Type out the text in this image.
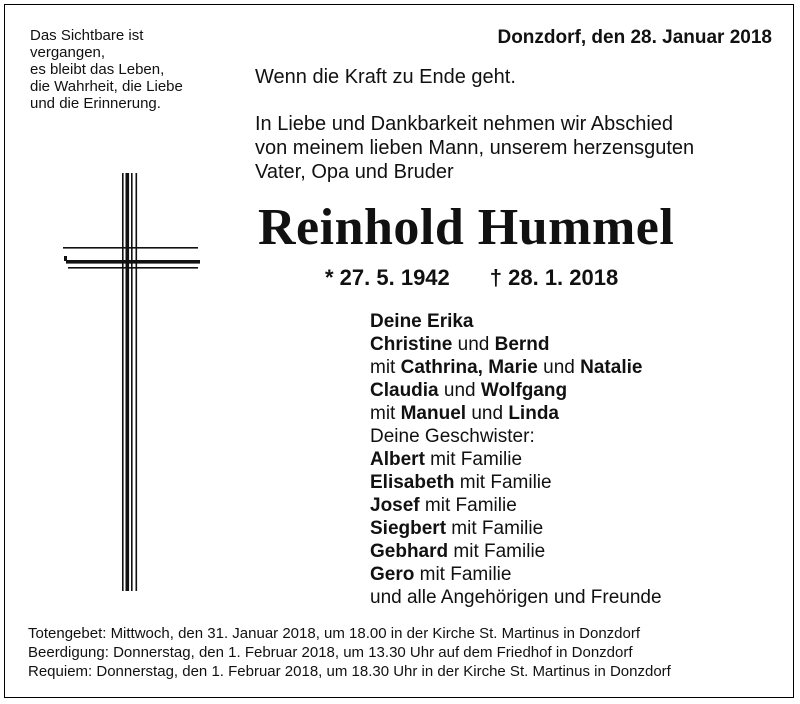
Das Sichtbare ist
vergangen,
es bleibt das Leben,
die Wahrheit, die Liebe
und die Erinnerung.
Donzdorf, den 28. Januar 2018
Wenn die Kraft zu Ende geht.
In Liebe und Dankbarkeit nehmen wir Abschied
von meinem lieben Mann, unserem herzensguten
Vater, Opa und Bruder
Reinhold Hummel
* 27. 5. 1942 † 28. 1. 2018
Deine Erika
Christine und Bernd
mit Cathrina, Marie und Natalie
Claudia und Wolfgang
mit Manuel und Linda
Deine Geschwister:
Albert mit Familie
Elisabeth mit Familie
Josef mit Familie
Siegbert mit Familie
Gebhard mit Familie
Gero mit Familie
und alle Angehörigen und Freunde
Totengebet: Mittwoch, den 31. Januar 2018, um 18.00 in der Kirche St. Martinus in Donzdorf
Beerdigung: Donnerstag, den 1. Februar 2018, um 13.30 Uhr auf dem Friedhof in Donzdorf
Requiem: Donnerstag, den 1. Februar 2018, um 18.30 Uhr in der Kirche St. Martinus in Donzdorf
